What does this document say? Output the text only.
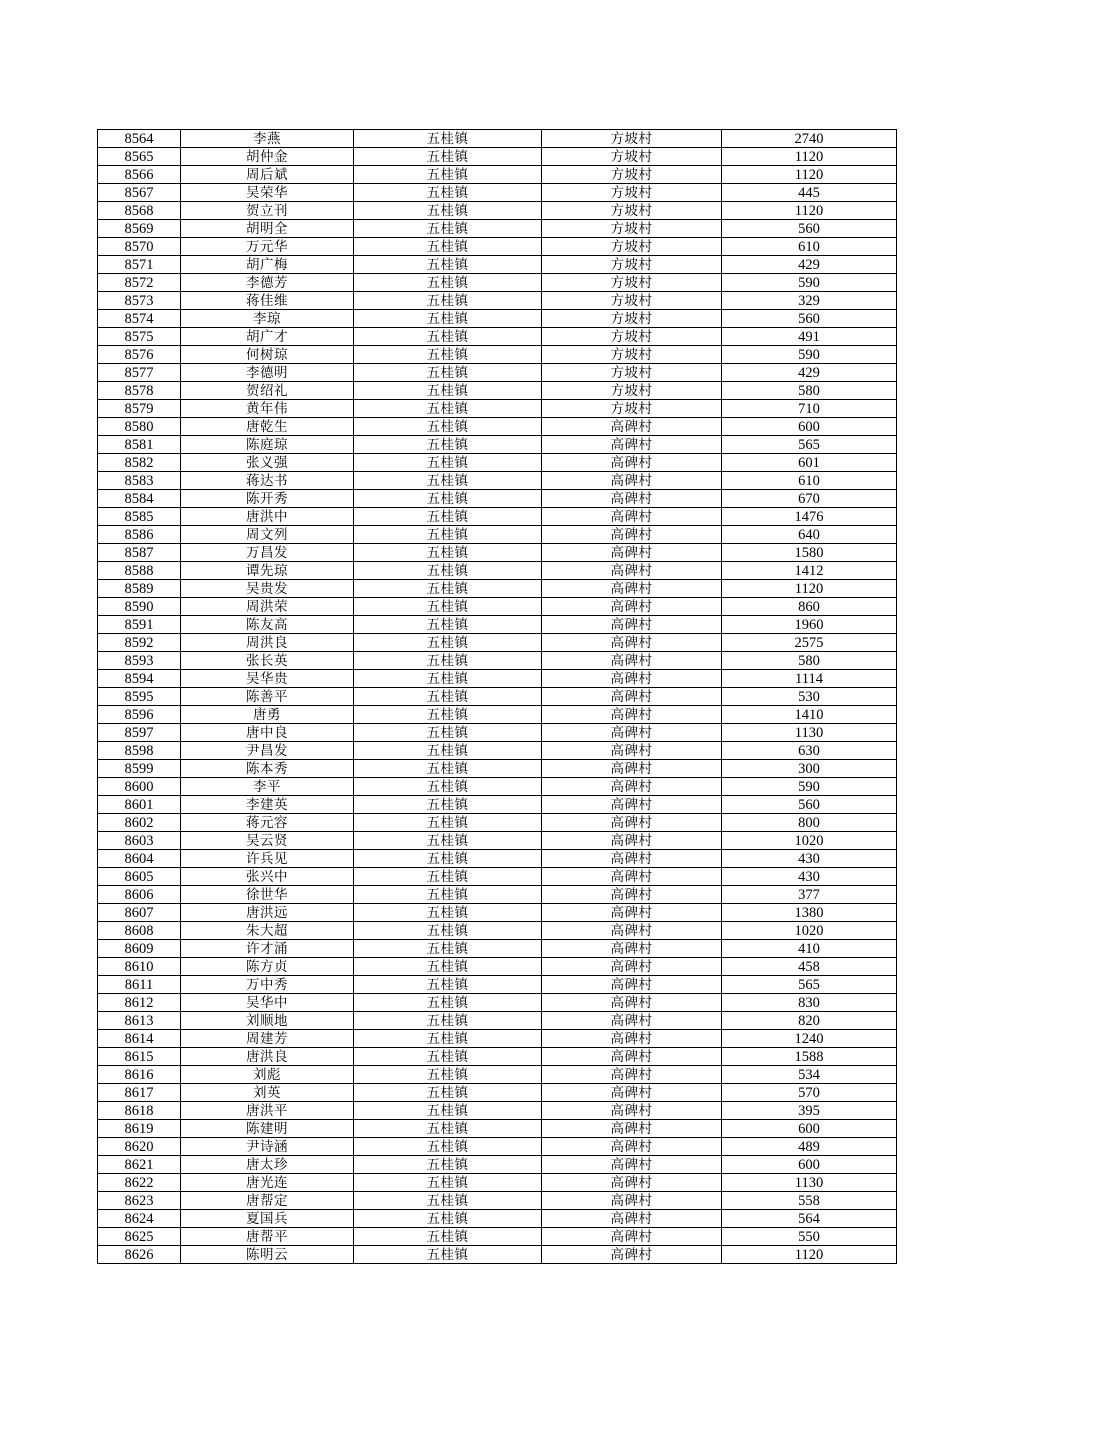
8564	李燕	五桂镇	方坡村	2740
8565	胡仲金	五桂镇	方坡村	1120
8566	周后斌	五桂镇	方坡村	1120
8567	吴荣华	五桂镇	方坡村	445
8568	贺立刊	五桂镇	方坡村	1120
8569	胡明全	五桂镇	方坡村	560
8570	万元华	五桂镇	方坡村	610
8571	胡广梅	五桂镇	方坡村	429
8572	李德芳	五桂镇	方坡村	590
8573	蒋佳维	五桂镇	方坡村	329
8574	李琼	五桂镇	方坡村	560
8575	胡广才	五桂镇	方坡村	491
8576	何树琼	五桂镇	方坡村	590
8577	李德明	五桂镇	方坡村	429
8578	贺绍礼	五桂镇	方坡村	580
8579	黄年伟	五桂镇	方坡村	710
8580	唐乾生	五桂镇	高碑村	600
8581	陈庭琼	五桂镇	高碑村	565
8582	张义强	五桂镇	高碑村	601
8583	蒋达书	五桂镇	高碑村	610
8584	陈开秀	五桂镇	高碑村	670
8585	唐洪中	五桂镇	高碑村	1476
8586	周文列	五桂镇	高碑村	640
8587	万昌发	五桂镇	高碑村	1580
8588	谭先琼	五桂镇	高碑村	1412
8589	吴贵发	五桂镇	高碑村	1120
8590	周洪荣	五桂镇	高碑村	860
8591	陈友高	五桂镇	高碑村	1960
8592	周洪良	五桂镇	高碑村	2575
8593	张长英	五桂镇	高碑村	580
8594	吴华贵	五桂镇	高碑村	1114
8595	陈善平	五桂镇	高碑村	530
8596	唐勇	五桂镇	高碑村	1410
8597	唐中良	五桂镇	高碑村	1130
8598	尹昌发	五桂镇	高碑村	630
8599	陈本秀	五桂镇	高碑村	300
8600	李平	五桂镇	高碑村	590
8601	李建英	五桂镇	高碑村	560
8602	蒋元容	五桂镇	高碑村	800
8603	吴云贤	五桂镇	高碑村	1020
8604	许兵见	五桂镇	高碑村	430
8605	张兴中	五桂镇	高碑村	430
8606	徐世华	五桂镇	高碑村	377
8607	唐洪远	五桂镇	高碑村	1380
8608	朱大超	五桂镇	高碑村	1020
8609	许才涌	五桂镇	高碑村	410
8610	陈方贞	五桂镇	高碑村	458
8611	万中秀	五桂镇	高碑村	565
8612	吴华中	五桂镇	高碑村	830
8613	刘顺地	五桂镇	高碑村	820
8614	周建芳	五桂镇	高碑村	1240
8615	唐洪良	五桂镇	高碑村	1588
8616	刘彪	五桂镇	高碑村	534
8617	刘英	五桂镇	高碑村	570
8618	唐洪平	五桂镇	高碑村	395
8619	陈建明	五桂镇	高碑村	600
8620	尹诗涵	五桂镇	高碑村	489
8621	唐太珍	五桂镇	高碑村	600
8622	唐光连	五桂镇	高碑村	1130
8623	唐帮定	五桂镇	高碑村	558
8624	夏国兵	五桂镇	高碑村	564
8625	唐帮平	五桂镇	高碑村	550
8626	陈明云	五桂镇	高碑村	1120
